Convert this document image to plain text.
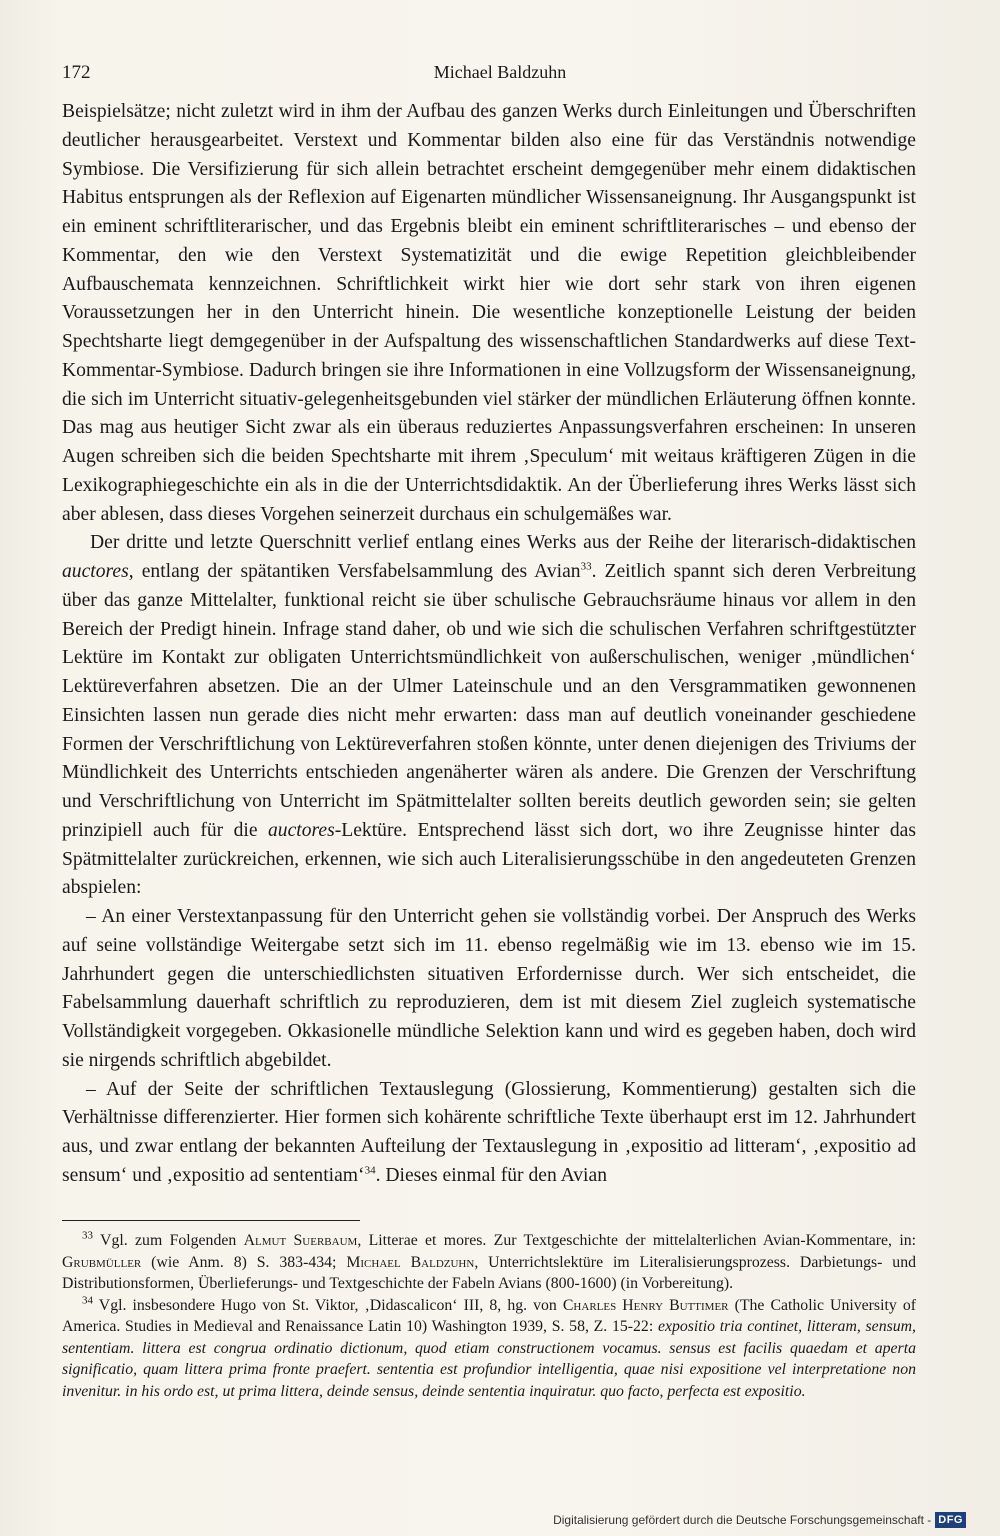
172	Michael Baldzuhn

Beispielsätze; nicht zuletzt wird in ihm der Aufbau des ganzen Werks durch Einleitungen und Überschriften deutlicher herausgearbeitet. Verstext und Kommentar bilden also eine für das Verständnis notwendige Symbiose. Die Versifizierung für sich allein betrachtet erscheint demgegenüber mehr einem didaktischen Habitus entsprungen als der Reflexion auf Eigenarten mündlicher Wissensaneignung. Ihr Ausgangspunkt ist ein eminent schriftliterarischer, und das Ergebnis bleibt ein eminent schriftliterarisches – und ebenso der Kommentar, den wie den Verstext Systematizität und die ewige Repetition gleichbleibender Aufbauschemata kennzeichnen. Schriftlichkeit wirkt hier wie dort sehr stark von ihren eigenen Voraussetzungen her in den Unterricht hinein. Die wesentliche konzeptionelle Leistung der beiden Spechtsharte liegt demgegenüber in der Aufspaltung des wissenschaftlichen Standardwerks auf diese Text-Kommentar-Symbiose. Dadurch bringen sie ihre Informationen in eine Vollzugsform der Wissensaneignung, die sich im Unterricht situativ-gelegenheitsgebunden viel stärker der mündlichen Erläuterung öffnen konnte. Das mag aus heutiger Sicht zwar als ein überaus reduziertes Anpassungsverfahren erscheinen: In unseren Augen schreiben sich die beiden Spechtsharte mit ihrem ‚Speculum‘ mit weitaus kräftigeren Zügen in die Lexikographiegeschichte ein als in die der Unterrichtsdidaktik. An der Überlieferung ihres Werks lässt sich aber ablesen, dass dieses Vorgehen seinerzeit durchaus ein schulgemäßes war.

Der dritte und letzte Querschnitt verlief entlang eines Werks aus der Reihe der literarisch-didaktischen auctores, entlang der spätantiken Versfabelsammlung des Avian$^{33}$. Zeitlich spannt sich deren Verbreitung über das ganze Mittelalter, funktional reicht sie über schulische Gebrauchsräume hinaus vor allem in den Bereich der Predigt hinein. Infrage stand daher, ob und wie sich die schulischen Verfahren schriftgestützter Lektüre im Kontakt zur obligaten Unterrichtsmündlichkeit von außerschulischen, weniger ‚mündlichen‘ Lektüreverfahren absetzen. Die an der Ulmer Lateinschule und an den Versgrammatiken gewonnenen Einsichten lassen nun gerade dies nicht mehr erwarten: dass man auf deutlich voneinander geschiedene Formen der Verschriftlichung von Lektüreverfahren stoßen könnte, unter denen diejenigen des Triviums der Mündlichkeit des Unterrichts entschieden angenäherter wären als andere. Die Grenzen der Verschriftung und Verschriftlichung von Unterricht im Spätmittelalter sollten bereits deutlich geworden sein; sie gelten prinzipiell auch für die auctores-Lektüre. Entsprechend lässt sich dort, wo ihre Zeugnisse hinter das Spätmittelalter zurückreichen, erkennen, wie sich auch Literalisierungsschübe in den angedeuteten Grenzen abspielen:

– An einer Verstextanpassung für den Unterricht gehen sie vollständig vorbei. Der Anspruch des Werks auf seine vollständige Weitergabe setzt sich im 11. ebenso regelmäßig wie im 13. ebenso wie im 15. Jahrhundert gegen die unterschiedlichsten situativen Erfordernisse durch. Wer sich entscheidet, die Fabelsammlung dauerhaft schriftlich zu reproduzieren, dem ist mit diesem Ziel zugleich systematische Vollständigkeit vorgegeben. Okkasionelle mündliche Selektion kann und wird es gegeben haben, doch wird sie nirgends schriftlich abgebildet.

– Auf der Seite der schriftlichen Textauslegung (Glossierung, Kommentierung) gestalten sich die Verhältnisse differenzierter. Hier formen sich kohärente schriftliche Texte überhaupt erst im 12. Jahrhundert aus, und zwar entlang der bekannten Aufteilung der Textauslegung in ‚expositio ad litteram‘, ‚expositio ad sensum‘ und ‚expositio ad sententiam‘$^{34}$. Dieses einmal für den Avian

$^{33}$ Vgl. zum Folgenden Almut Suerbaum, Litterae et mores. Zur Textgeschichte der mittelalterlichen Avian-Kommentare, in: Grubmüller (wie Anm. 8) S. 383-434; Michael Baldzuhn, Unterrichtslektüre im Literalisierungsprozess. Darbietungs- und Distributionsformen, Überlieferungs- und Textgeschichte der Fabeln Avians (800-1600) (in Vorbereitung).

$^{34}$ Vgl. insbesondere Hugo von St. Viktor, ‚Didascalicon‘ III, 8, hg. von Charles Henry Buttimer (The Catholic University of America. Studies in Medieval and Renaissance Latin 10) Washington 1939, S. 58, Z. 15-22: expositio tria continet, litteram, sensum, sententiam. littera est congrua ordinatio dictionum, quod etiam constructionem vocamus. sensus est facilis quaedam et aperta significatio, quam littera prima fronte praefert. sententia est profundior intelligentia, quae nisi expositione vel interpretatione non invenitur. in his ordo est, ut prima littera, deinde sensus, deinde sententia inquiratur. quo facto, perfecta est expositio.

Digitalisierung gefördert durch die Deutsche Forschungsgemeinschaft - DFG
